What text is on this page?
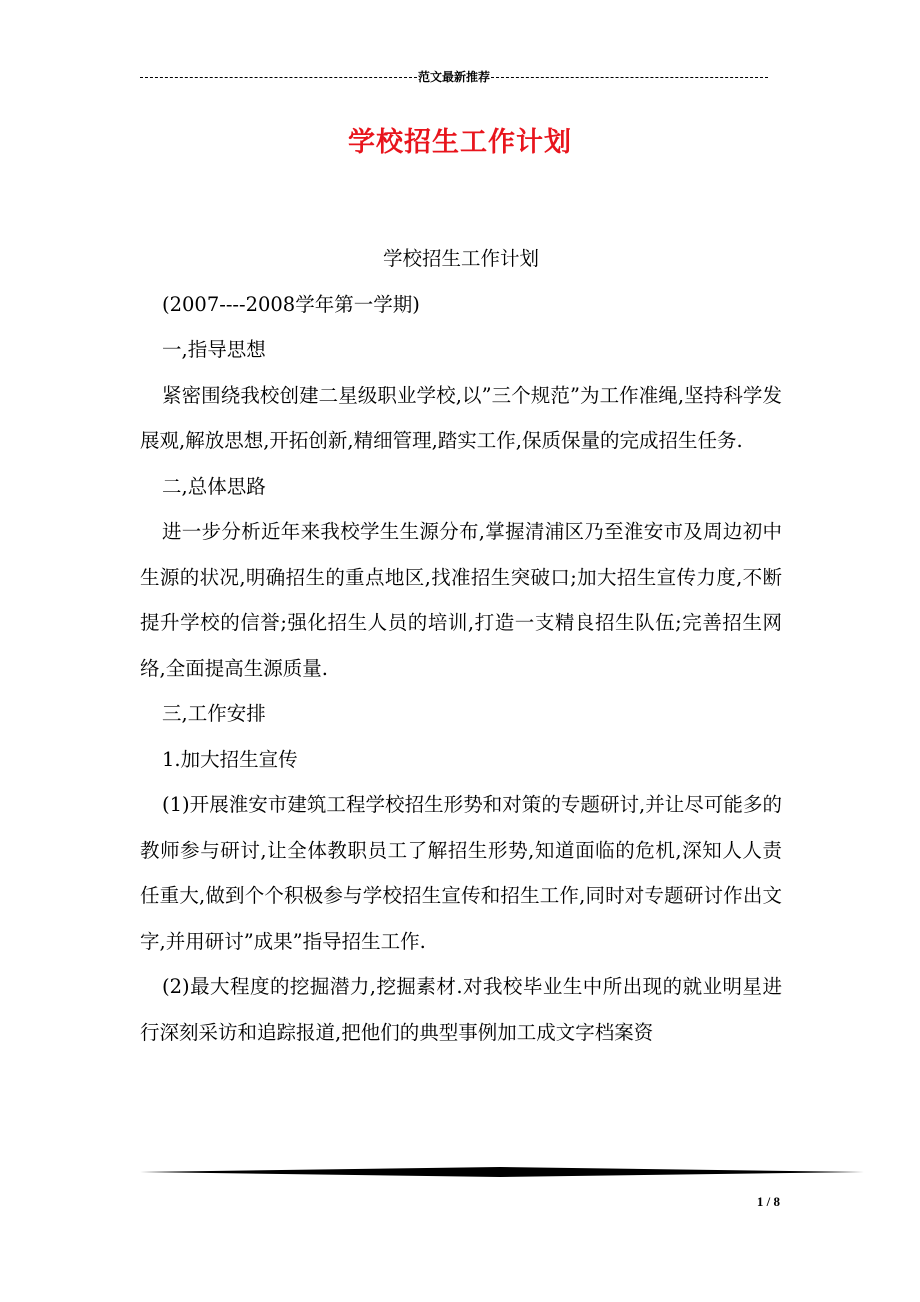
范文最新推荐
学校招生工作计划

学校招生工作计划

(2007----2008学年第一学期)

一,指导思想

紧密围绕我校创建二星级职业学校,以”三个规范”为工作准绳,坚持科学发展观,解放思想,开拓创新,精细管理,踏实工作,保质保量的完成招生任务.

二,总体思路

进一步分析近年来我校学生生源分布,掌握清浦区乃至淮安市及周边初中生源的状况,明确招生的重点地区,找准招生突破口;加大招生宣传力度,不断提升学校的信誉;强化招生人员的培训,打造一支精良招生队伍;完善招生网络,全面提高生源质量.

三,工作安排

1.加大招生宣传

(1)开展淮安市建筑工程学校招生形势和对策的专题研讨,并让尽可能多的教师参与研讨,让全体教职员工了解招生形势,知道面临的危机,深知人人责任重大,做到个个积极参与学校招生宣传和招生工作,同时对专题研讨作出文字,并用研讨”成果”指导招生工作.

(2)最大程度的挖掘潜力,挖掘素材.对我校毕业生中所出现的就业明星进行深刻采访和追踪报道,把他们的典型事例加工成文字档案资

1 / 8
